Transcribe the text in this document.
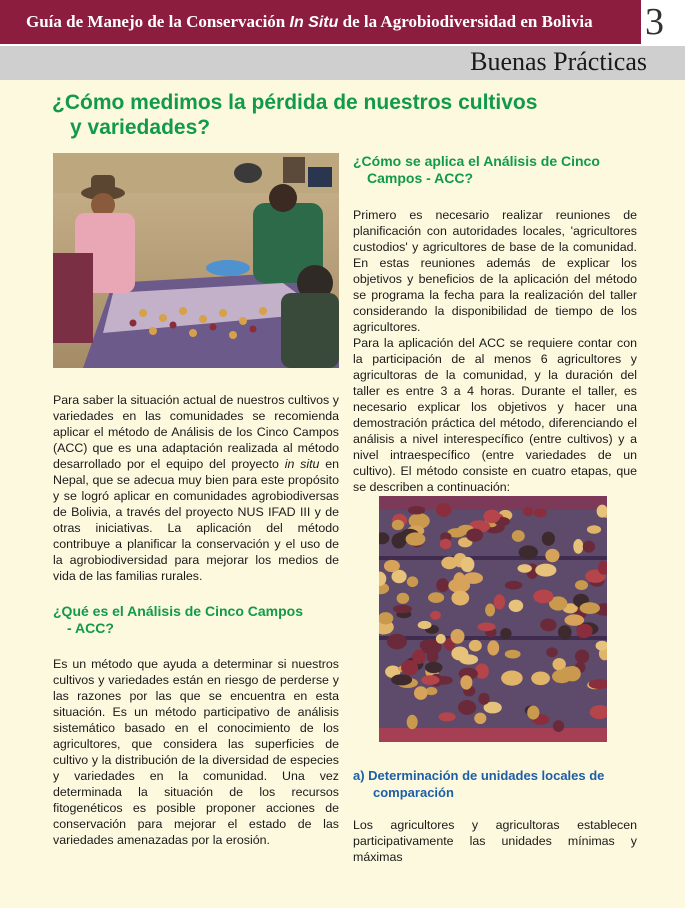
Guía de Manejo de la Conservación In Situ de la Agrobiodiversidad en Bolivia 3
Buenas Prácticas
¿Cómo medimos la pérdida de nuestros cultivos
y variedades?

Para saber la situación actual de nuestros cultivos y variedades en las comunidades se recomienda aplicar el método de Análisis de los Cinco Campos (ACC) que es una adaptación realizada al método desarrollado por el equipo del proyecto in situ en Nepal, que se adecua muy bien para este propósito y se logró aplicar en comunidades agrobiodiversas de Bolivia, a través del proyecto NUS IFAD III y de otras iniciativas. La aplicación del método contribuye a planificar la conservación y el uso de la agrobiodiversidad para mejorar los medios de vida de las familias rurales.

¿Qué es el Análisis de Cinco Campos
- ACC?

Es un método que ayuda a determinar si nuestros cultivos y variedades están en riesgo de perderse y las razones por las que se encuentra en esta situación. Es un método participativo de análisis sistemático basado en el conocimiento de los agricultores, que considera las superficies de cultivo y la distribución de la diversidad de especies y variedades en la comunidad. Una vez determinada la situación de los recursos fitogenéticos es posible proponer acciones de conservación para mejorar el estado de las variedades amenazadas por la erosión.

¿Cómo se aplica el Análisis de Cinco
Campos - ACC?

Primero es necesario realizar reuniones de planificación con autoridades locales, 'agricultores custodios' y agricultores de base de la comunidad. En estas reuniones además de explicar los objetivos y beneficios de la aplicación del método se programa la fecha para la realización del taller considerando la disponibilidad de tiempo de los agricultores.

Para la aplicación del ACC se requiere contar con la participación de al menos 6 agricultores y agricultoras de la comunidad, y la duración del taller es entre 3 a 4 horas. Durante el taller, es necesario explicar los objetivos y hacer una demostración práctica del método, diferenciando el análisis a nivel interespecífico (entre cultivos) y a nivel intraespecífico (entre variedades de un cultivo). El método consiste en cuatro etapas, que se describen a continuación:

a) Determinación de unidades locales de
comparación

Los agricultores y agricultoras establecen participativamente las unidades mínimas y máximas
